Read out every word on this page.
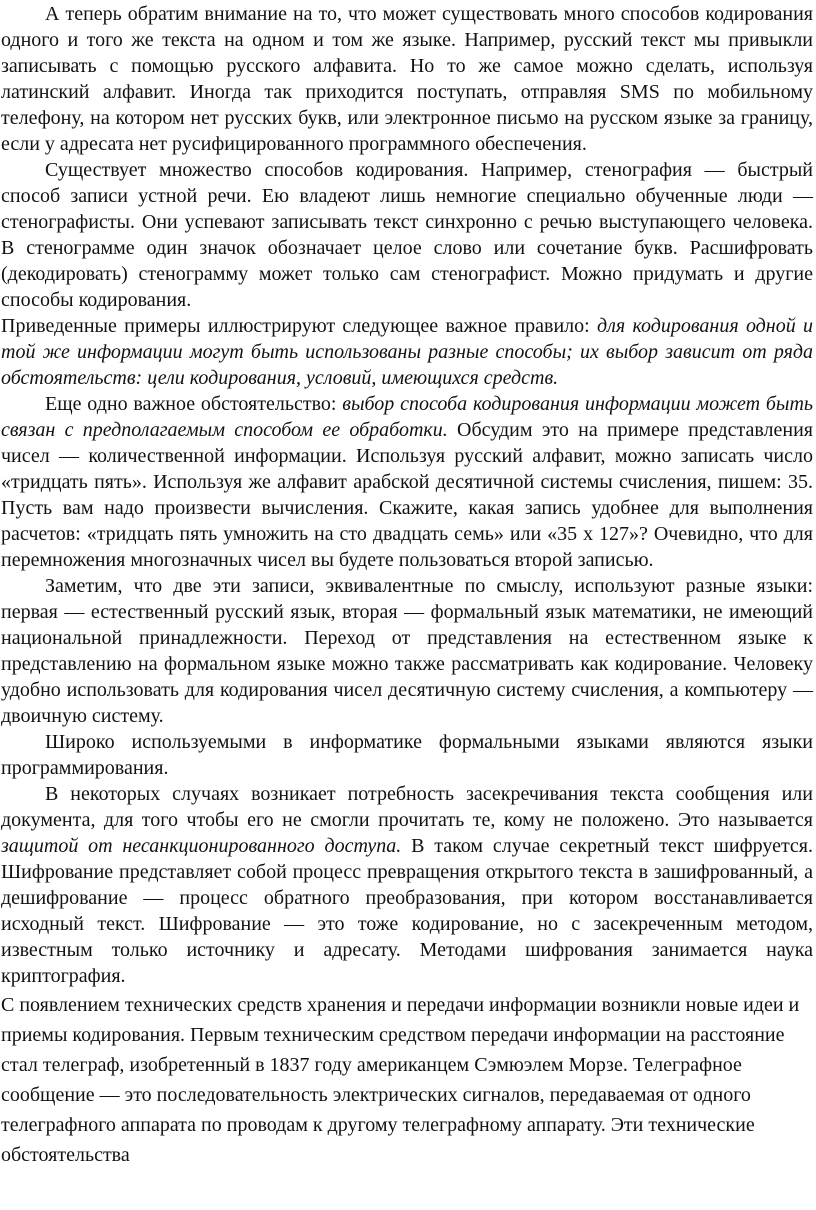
А теперь обратим внимание на то, что может существовать много способов кодирования одного и того же текста на одном и том же языке. Например, русский текст мы привыкли записывать с помощью русского алфавита. Но то же самое можно сделать, используя латинский алфавит. Иногда так приходится поступать, отправляя SMS по мобильному телефону, на котором нет русских букв, или электронное письмо на русском языке за границу, если у адресата нет русифицированного программного обеспечения.

Существует множество способов кодирования. Например, стенография — быстрый способ записи устной речи. Ею владеют лишь немногие специально обученные люди — стенографисты. Они успевают записывать текст синхронно с речью выступающего человека. В стенограмме один значок обозначает целое слово или сочетание букв. Расшифровать (декодировать) стенограмму может только сам стенографист. Можно придумать и другие способы кодирования.

Приведенные примеры иллюстрируют следующее важное правило: для кодирования одной и той же информации могут быть использованы разные способы; их выбор зависит от ряда обстоятельств: цели кодирования, условий, имеющихся средств.

Еще одно важное обстоятельство: выбор способа кодирования информации может быть связан с предполагаемым способом ее обработки. Обсудим это на примере представления чисел — количественной информации. Используя русский алфавит, можно записать число «тридцать пять». Используя же алфавит арабской десятичной системы счисления, пишем: 35. Пусть вам надо произвести вычисления. Скажите, какая запись удобнее для выполнения расчетов: «тридцать пять умножить на сто двадцать семь» или «35 х 127»? Очевидно, что для перемножения многозначных чисел вы будете пользоваться второй записью.

Заметим, что две эти записи, эквивалентные по смыслу, используют разные языки: первая — естественный русский язык, вторая — формальный язык математики, не имеющий национальной принадлежности. Переход от представления на естественном языке к представлению на формальном языке можно также рассматривать как кодирование. Человеку удобно использовать для кодирования чисел десятичную систему счисления, а компьютеру — двоичную систему.

Широко используемыми в информатике формальными языками являются языки программирования.

В некоторых случаях возникает потребность засекречивания текста сообщения или документа, для того чтобы его не смогли прочитать те, кому не положено. Это называется защитой от несанкционированного доступа. В таком случае секретный текст шифруется. Шифрование представляет собой процесс превращения открытого текста в зашифрованный, а дешифрование — процесс обратного преобразования, при котором восстанавливается исходный текст. Шифрование — это тоже кодирование, но с засекреченным методом, известным только источнику и адресату. Методами шифрования занимается наука криптография.

С появлением технических средств хранения и передачи информации возникли новые идеи и приемы кодирования. Первым техническим средством передачи информации на расстояние стал телеграф, изобретенный в 1837 году американцем Сэмюэлем Морзе. Телеграфное сообщение — это последовательность электрических сигналов, передаваемая от одного телеграфного аппарата по проводам к другому телеграфному аппарату. Эти технические обстоятельства
